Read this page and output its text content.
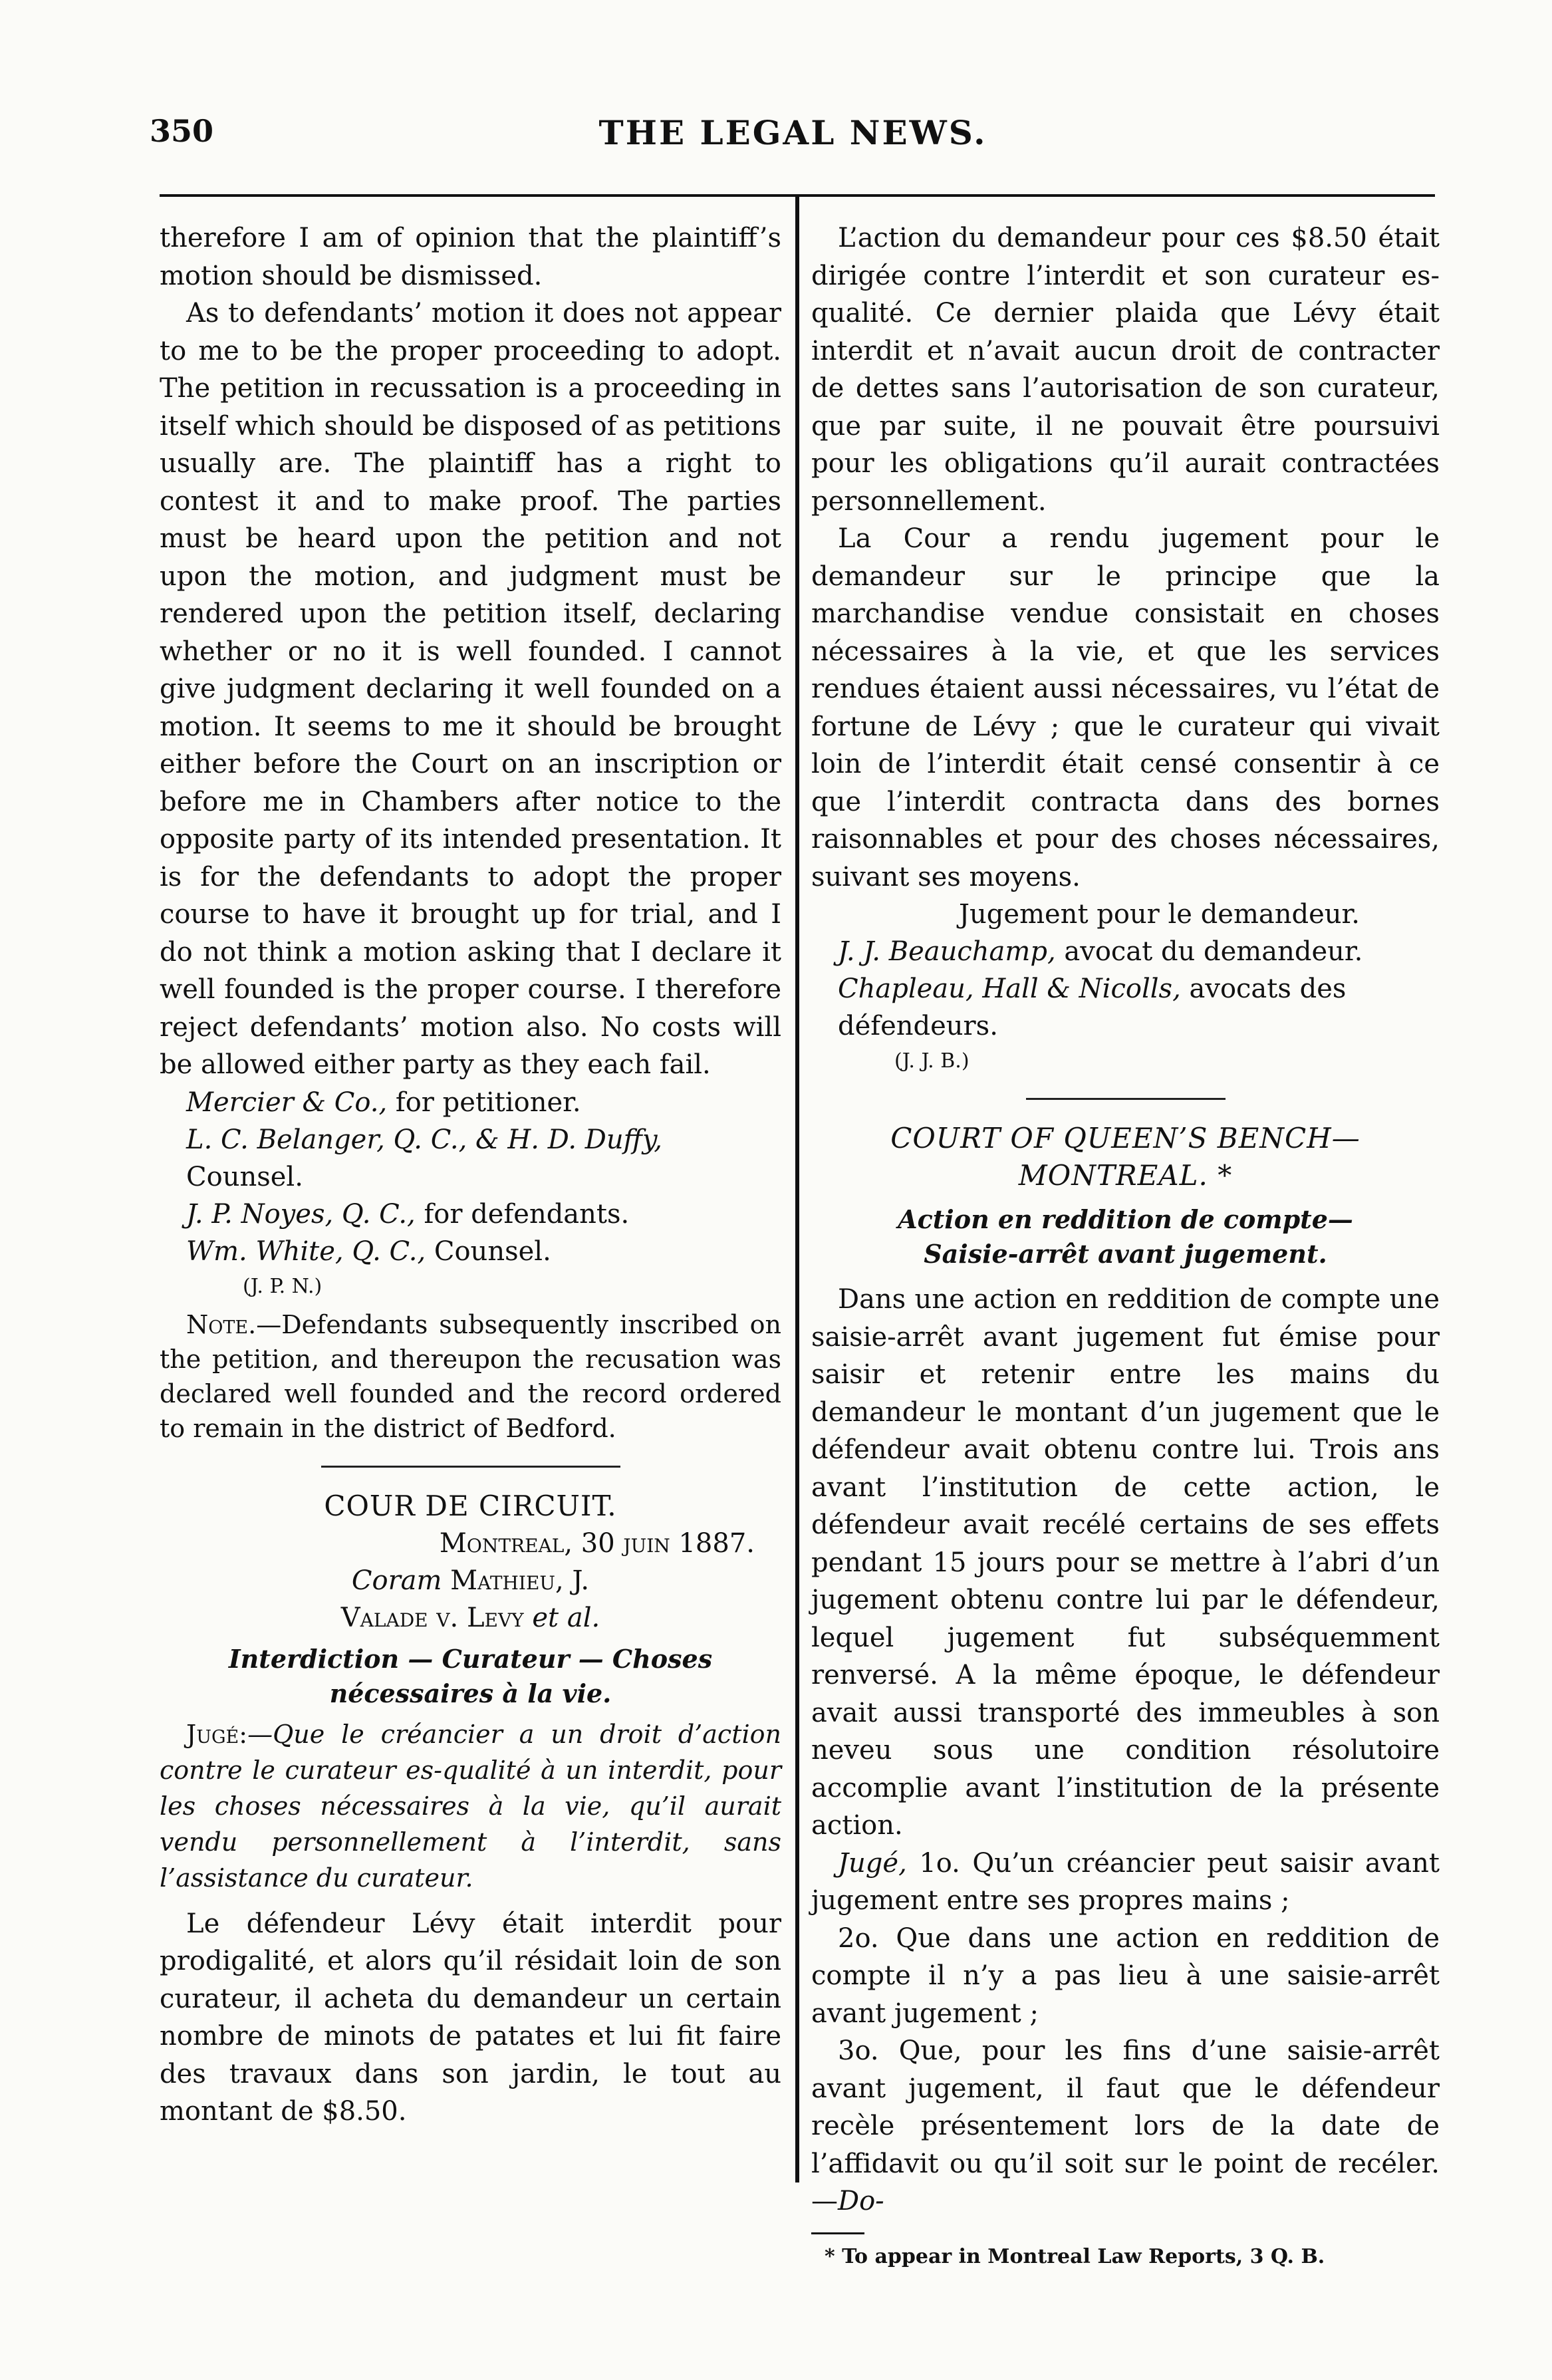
350	THE LEGAL NEWS.

therefore I am of opinion that the plaintiff’s motion should be dismissed.

As to defendants’ motion it does not appear to me to be the proper proceeding to adopt. The petition in recussation is a proceeding in itself which should be disposed of as petitions usually are. The plaintiff has a right to contest it and to make proof. The parties must be heard upon the petition and not upon the motion, and judgment must be rendered upon the petition itself, declaring whether or no it is well founded. I cannot give judgment declaring it well founded on a motion. It seems to me it should be brought either before the Court on an inscription or before me in Chambers after notice to the opposite party of its intended presentation. It is for the defendants to adopt the proper course to have it brought up for trial, and I do not think a motion asking that I declare it well founded is the proper course. I therefore reject defendants’ motion also. No costs will be allowed either party as they each fail.

Mercier & Co., for petitioner.
L. C. Belanger, Q. C., & H. D. Duffy, Counsel.
J. P. Noyes, Q. C., for defendants.
Wm. White, Q. C., Counsel.
(J. P. N.)
Note.—Defendants subsequently inscribed on the petition, and thereupon the recusation was declared well founded and the record ordered to remain in the district of Bedford.
COUR DE CIRCUIT.
Montreal, 30 juin 1887.
Coram Mathieu, J.
Valade v. Levy et al.
Interdiction — Curateur — Choses nécessaires à la vie.

Jugé:—Que le créancier a un droit d’action contre le curateur es-qualité à un interdit, pour les choses nécessaires à la vie, qu’il aurait vendu personnellement à l’interdit, sans l’assistance du curateur.

Le défendeur Lévy était interdit pour prodigalité, et alors qu’il résidait loin de son curateur, il acheta du demandeur un certain nombre de minots de patates et lui fit faire des travaux dans son jardin, le tout au montant de $8.50.

L’action du demandeur pour ces $8.50 était dirigée contre l’interdit et son curateur es-qualité. Ce dernier plaida que Lévy était interdit et n’avait aucun droit de contracter de dettes sans l’autorisation de son curateur, que par suite, il ne pouvait être poursuivi pour les obligations qu’il aurait contractées personnellement.

La Cour a rendu jugement pour le demandeur sur le principe que la marchandise vendue consistait en choses nécessaires à la vie, et que les services rendues étaient aussi nécessaires, vu l’état de fortune de Lévy ; que le curateur qui vivait loin de l’interdit était censé consentir à ce que l’interdit contracta dans des bornes raisonnables et pour des choses nécessaires, suivant ses moyens.

Jugement pour le demandeur.
J. J. Beauchamp, avocat du demandeur.
Chapleau, Hall & Nicolls, avocats des défendeurs.
(J. J. B.)
COURT OF QUEEN’S BENCH—MONTREAL. *
Action en reddition de compte—Saisie-arrêt avant jugement.

Dans une action en reddition de compte une saisie-arrêt avant jugement fut émise pour saisir et retenir entre les mains du demandeur le montant d’un jugement que le défendeur avait obtenu contre lui. Trois ans avant l’institution de cette action, le défendeur avait recélé certains de ses effets pendant 15 jours pour se mettre à l’abri d’un jugement obtenu contre lui par le défendeur, lequel jugement fut subséquemment renversé. A la même époque, le défendeur avait aussi transporté des immeubles à son neveu sous une condition résolutoire accomplie avant l’institution de la présente action.

Jugé, 1o. Qu’un créancier peut saisir avant jugement entre ses propres mains ;

2o. Que dans une action en reddition de compte il n’y a pas lieu à une saisie-arrêt avant jugement ;

3o. Que, pour les fins d’une saisie-arrêt avant jugement, il faut que le défendeur recèle présentement lors de la date de l’affidavit ou qu’il soit sur le point de recéler.—Do-

* To appear in Montreal Law Reports, 3 Q. B.
